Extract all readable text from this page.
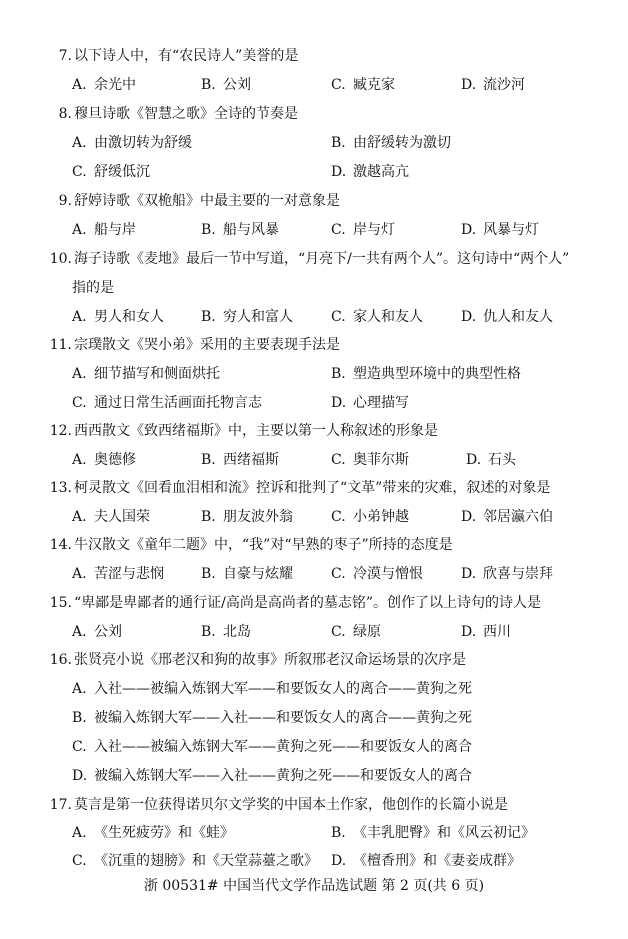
7. 以下诗人中，有“农民诗人”美誉的是
A. 余光中	B. 公刘	C. 臧克家	D. 流沙河
8. 穆旦诗歌《智慧之歌》全诗的节奏是
A. 由激切转为舒缓	B. 由舒缓转为激切
C. 舒缓低沉	D. 激越高亢
9. 舒婷诗歌《双桅船》中最主要的一对意象是
A. 船与岸	B. 船与风暴	C. 岸与灯	D. 风暴与灯
10. 海子诗歌《麦地》最后一节中写道，“月亮下/一共有两个人”。这句诗中“两个人”
指的是
A. 男人和女人	B. 穷人和富人	C. 家人和友人	D. 仇人和友人
11. 宗璞散文《哭小弟》采用的主要表现手法是
A. 细节描写和侧面烘托	B. 塑造典型环境中的典型性格
C. 通过日常生活画面托物言志	D. 心理描写
12. 西西散文《致西绪福斯》中，主要以第一人称叙述的形象是
A. 奥德修	B. 西绪福斯	C. 奥菲尔斯	D. 石头
13. 柯灵散文《回看血泪相和流》控诉和批判了“文革”带来的灾难，叙述的对象是
A. 夫人国荣	B. 朋友波外翁	C. 小弟钟越	D. 邻居瀛六伯
14. 牛汉散文《童年二题》中，“我”对“早熟的枣子”所持的态度是
A. 苦涩与悲悯	B. 自豪与炫耀	C. 冷漠与憎恨	D. 欣喜与崇拜
15. “卑鄙是卑鄙者的通行证/高尚是高尚者的墓志铭”。创作了以上诗句的诗人是
A. 公刘	B. 北岛	C. 绿原	D. 西川
16. 张贤亮小说《邢老汉和狗的故事》所叙邢老汉命运场景的次序是
A. 入社——被编入炼钢大军——和要饭女人的离合——黄狗之死
B. 被编入炼钢大军——入社——和要饭女人的离合——黄狗之死
C. 入社——被编入炼钢大军——黄狗之死——和要饭女人的离合
D. 被编入炼钢大军——入社——黄狗之死——和要饭女人的离合
17. 莫言是第一位获得诺贝尔文学奖的中国本土作家，他创作的长篇小说是
A. 《生死疲劳》和《蛙》	B. 《丰乳肥臀》和《风云初记》
C. 《沉重的翅膀》和《天堂蒜薹之歌》 D. 《檀香刑》和《妻妾成群》
浙 00531# 中国当代文学作品选试题 第 2 页(共 6 页)
